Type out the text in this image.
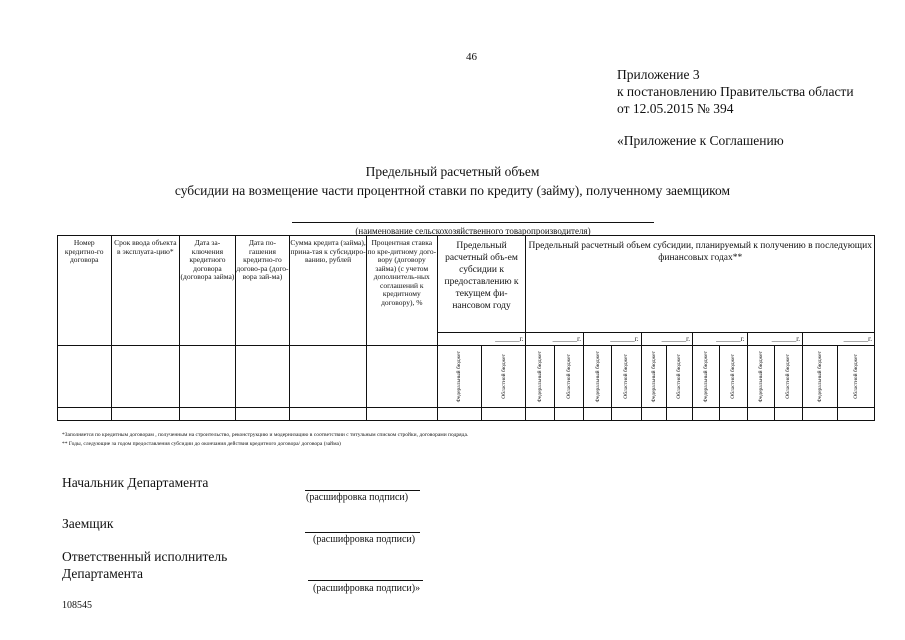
46
Приложение 3
к постановлению Правительства области
от 12.05.2015 № 394
«Приложение к Соглашению
Предельный расчетный объем
субсидии на возмещение части процентной ставки по кредиту (займу), полученному заемщиком
(наименование сельскохозяйственного товаропроизводителя)
Номер кредитно-го договора	Срок ввода объекта в эксплуата-цию*	Дата за-ключения кредитного договора (договора займа)	Дата по-гашения кредитно-го догово-ра (дого-вора зай-ма)	Сумма кредита (займа), прина-тая к субсидиро-ванию, рублей	Процентная ставка по кре-дитному дого-вору (договору займа) (с учетом дополнитель-ных соглашений к кредитному договору), %	Предельный расчетный объ-ем субсидии к предоставлению к текущем фи-нансовом году		Предельный расчетный объем субсидии, планируемый к получению в последующих финансовых годах**											
						_______г.		_______г.		_______г.		_______г.		_______г.		_______г.		_______г.	

						Федеральный бюджет	Областной бюджет	Федеральный бюджет	Областной бюджет	Федеральный бюджет	Областной бюджет	Федеральный бюджет	Областной бюджет	Федеральный бюджет	Областной бюджет	Федеральный бюджет	Областной бюджет	Федеральный бюджет	Областной бюджет

*Заполняется по кредитным договорам , полученным на строительство, реконструкцию и модернизацию в соответствии с титульным списком стройки, договорами подряда.
** Годы, следующие за годом предоставления субсидии до окончания действия кредитного договора/ договора (займа)
Начальник Департамента
(расшифровка подписи)
Заемщик
(расшифровка подписи)
Ответственный исполнитель
Департамента
(расшифровка подписи)»
108545
